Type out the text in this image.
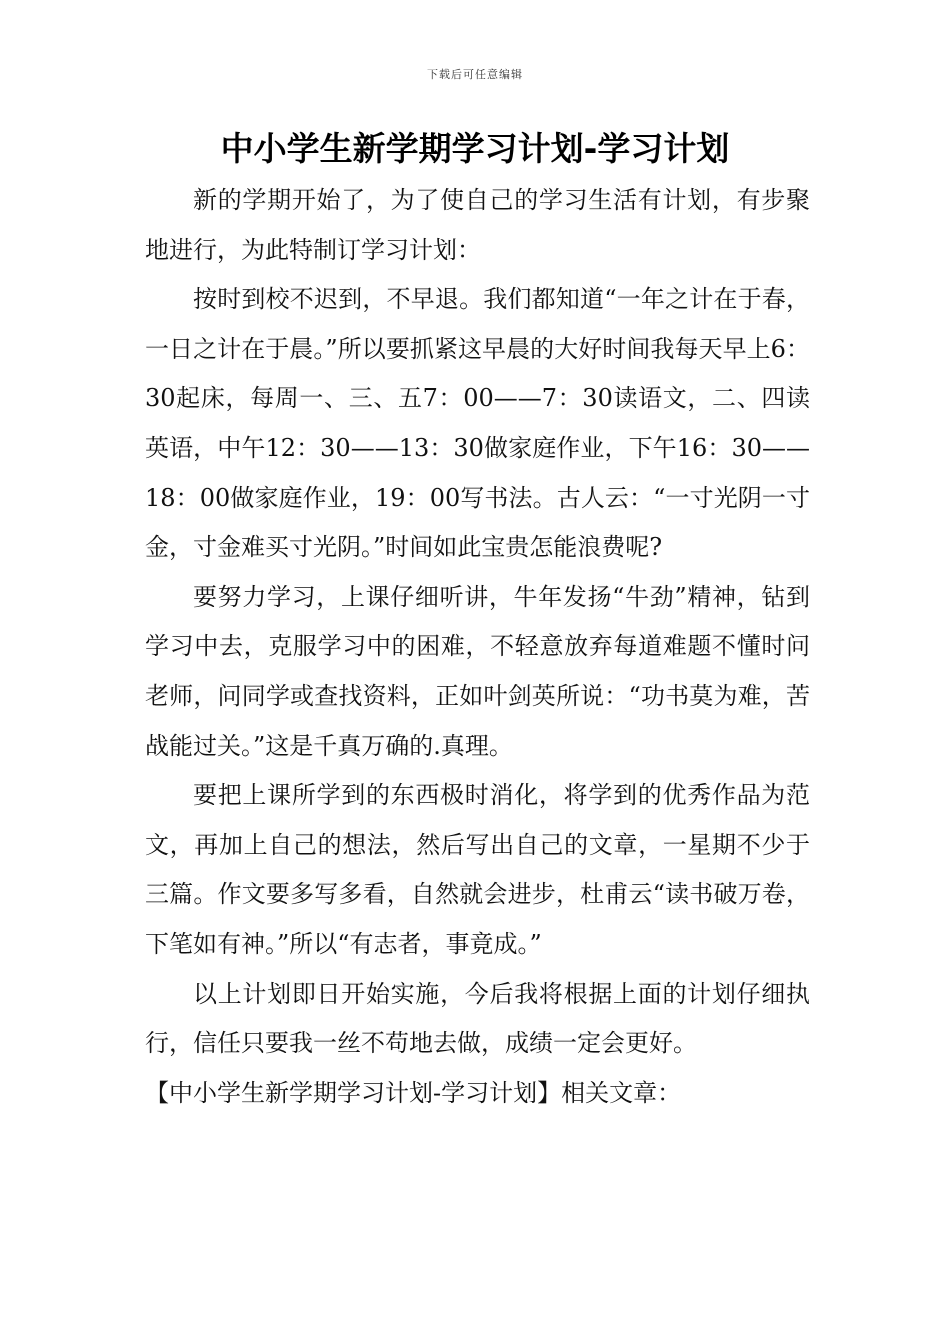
下载后可任意编辑
中小学生新学期学习计划-学习计划

新的学期开始了，为了使自己的学习生活有计划，有步聚地进行，为此特制订学习计划：

按时到校不迟到，不早退。我们都知道“一年之计在于春，一日之计在于晨。”所以要抓紧这早晨的大好时间我每天早上6：30起床，每周一、三、五7：00——7：30读语文，二、四读英语，中午12：30——13：30做家庭作业，下午16：30——18：00做家庭作业，19：00写书法。古人云：“一寸光阴一寸金，寸金难买寸光阴。”时间如此宝贵怎能浪费呢?

要努力学习，上课仔细听讲，牛年发扬“牛劲”精神，钻到学习中去，克服学习中的困难，不轻意放弃每道难题不懂时问老师，问同学或查找资料，正如叶剑英所说：“功书莫为难，苦战能过关。”这是千真万确的.真理。

要把上课所学到的东西极时消化，将学到的优秀作品为范文，再加上自己的想法，然后写出自己的文章，一星期不少于三篇。作文要多写多看，自然就会进步，杜甫云“读书破万卷，下笔如有神。”所以“有志者，事竟成。”

以上计划即日开始实施，今后我将根据上面的计划仔细执行，信任只要我一丝不苟地去做，成绩一定会更好。

【中小学生新学期学习计划-学习计划】相关文章：
